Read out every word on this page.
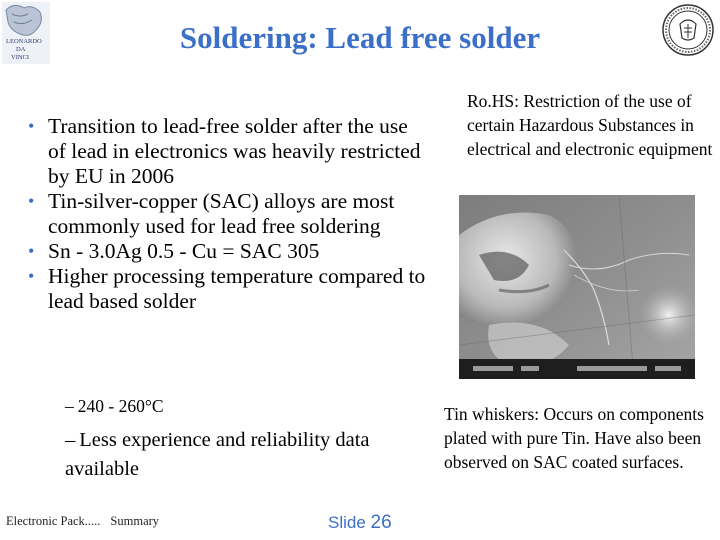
LEONARDO
DA
VINCI
Soldering: Lead free solder
• Transition to lead-free solder after the use of lead in electronics was heavily restricted by EU in 2006
• Tin-silver-copper (SAC) alloys are most commonly used for lead free soldering
• Sn - 3.0Ag 0.5 - Cu = SAC 305
• Higher processing temperature compared to lead based solder
– 240 - 260°C
– Less experience and reliability data available
Ro.HS: Restriction of the use of certain Hazardous Substances in electrical and electronic equipment
Tin whiskers: Occurs on components plated with pure Tin. Have also been observed on SAC coated surfaces.
Electronic Pack..... Summary	Slide 26
